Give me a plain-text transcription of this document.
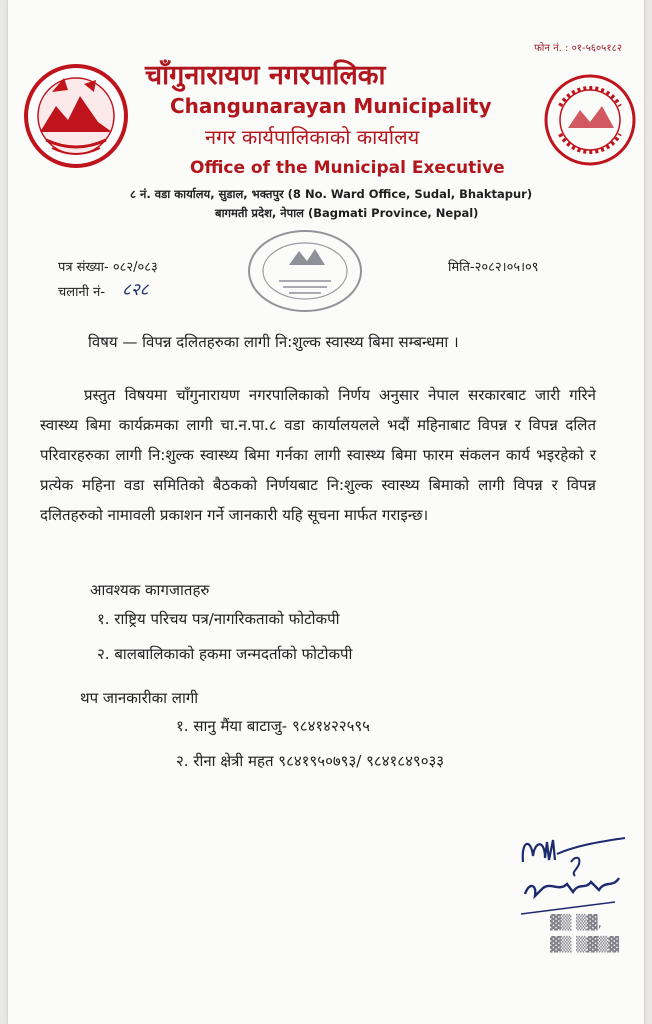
फोन नं. : ०१-५६०५१८२
चाँगुनारायण नगरपालिका
Changunarayan Municipality
नगर कार्यपालिकाको कार्यालय
Office of the Municipal Executive
८ नं. वडा कार्यालय, सुडाल, भक्तपुर (8 No. Ward Office, Sudal, Bhaktapur)
बागमती प्रदेश, नेपाल (Bagmati Province, Nepal)
पत्र संख्या- ०८२/०८३
चलानी नं- ८२८
मिति-२०८२।०५।०९
विषय — विपन्न दलितहरुका लागी नि:शुल्क स्वास्थ्य बिमा सम्बन्धमा ।

प्रस्तुत विषयमा चाँगुनारायण नगरपालिकाको निर्णय अनुसार नेपाल सरकारबाट जारी गरिने स्वास्थ्य बिमा कार्यक्रमका लागी चा.न.पा.८ वडा कार्यालयलले भदौं महिनाबाट विपन्न र विपन्न दलित परिवारहरुका लागी नि:शुल्क स्वास्थ्य बिमा गर्नका लागी स्वास्थ्य बिमा फारम संकलन कार्य भइरहेको र प्रत्येक महिना वडा समितिको बैठकको निर्णयबाट नि:शुल्क स्वास्थ्य बिमाको लागी विपन्न र विपन्न दलितहरुको नामावली प्रकाशन गर्ने जानकारी यहि सूचना मार्फत गराइन्छ।

आवश्यक कागजातहरु
१. राष्ट्रिय परिचय पत्र/नागरिकताको फोटोकपी
२. बालबालिकाको हकमा जन्मदर्ताको फोटोकपी
थप जानकारीका लागी
१. सानु मैंया बाटाजु- ९८४१४२२५९५
२. रीना क्षेत्री महत ९८४१९५०७९३/ ९८४१८४९०३३
▓▒ ▒▓,
▓▒ ▒▓▒▓
